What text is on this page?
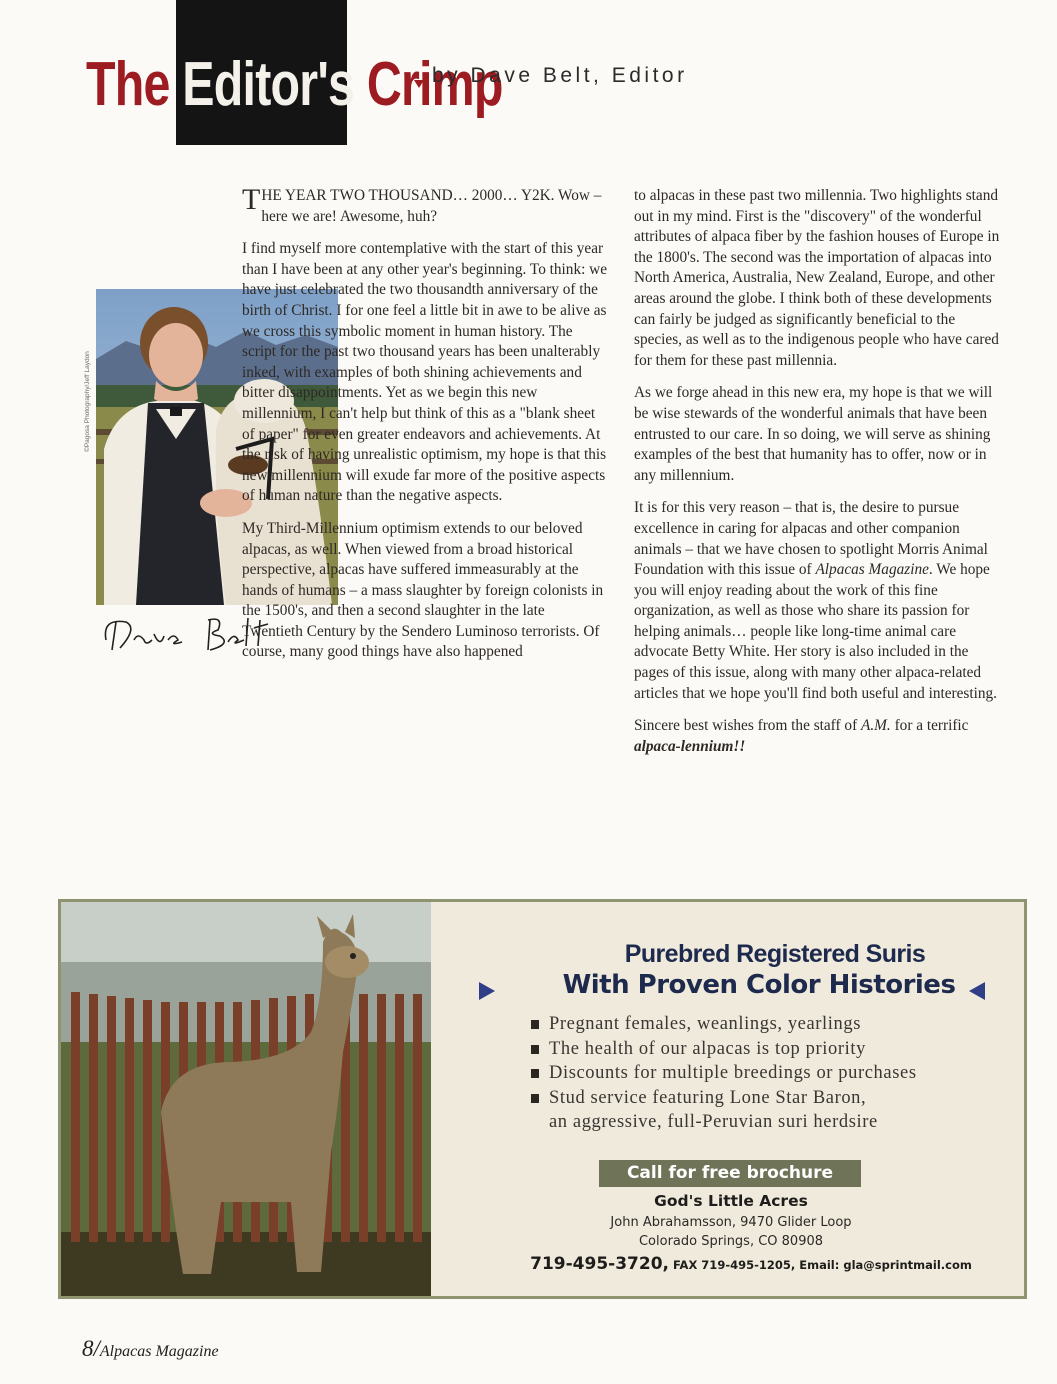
The Editor's Crimp
by Dave Belt, Editor
©Pagosa Photography/Jeff Laydon

THE YEAR TWO THOUSAND… 2000… Y2K. Wow – here we are! Awesome, huh?

I find myself more contemplative with the start of this year than I have been at any other year's beginning. To think: we have just celebrated the two thousandth anniversary of the birth of Christ. I for one feel a little bit in awe to be alive as we cross this symbolic moment in human history. The script for the past two thousand years has been unalterably inked, with examples of both shining achievements and bitter disappointments. Yet as we begin this new millennium, I can't help but think of this as a "blank sheet of paper" for even greater endeavors and achievements. At the risk of having unrealistic optimism, my hope is that this new millennium will exude far more of the positive aspects of human nature than the negative aspects.

My Third-Millennium optimism extends to our beloved alpacas, as well. When viewed from a broad historical perspective, alpacas have suffered immeasurably at the hands of humans – a mass slaughter by foreign colonists in the 1500's, and then a second slaughter in the late Twentieth Century by the Sendero Luminoso terrorists. Of course, many good things have also happened

to alpacas in these past two millennia. Two highlights stand out in my mind. First is the "discovery" of the wonderful attributes of alpaca fiber by the fashion houses of Europe in the 1800's. The second was the importation of alpacas into North America, Australia, New Zealand, Europe, and other areas around the globe. I think both of these developments can fairly be judged as significantly beneficial to the species, as well as to the indigenous people who have cared for them for these past millennia.

As we forge ahead in this new era, my hope is that we will be wise stewards of the wonderful animals that have been entrusted to our care. In so doing, we will serve as shining examples of the best that humanity has to offer, now or in any millennium.

It is for this very reason – that is, the desire to pursue excellence in caring for alpacas and other companion animals – that we have chosen to spotlight Morris Animal Foundation with this issue of Alpacas Magazine. We hope you will enjoy reading about the work of this fine organization, as well as those who share its passion for helping animals… people like long-time animal care advocate Betty White. Her story is also included in the pages of this issue, along with many other alpaca-related articles that we hope you'll find both useful and interesting.

Sincere best wishes from the staff of A.M. for a terrific alpaca-lennium!!

Purebred Registered Suris
With Proven Color Histories
Pregnant females, weanlings, yearlings
The health of our alpacas is top priority
Discounts for multiple breedings or purchases
Stud service featuring Lone Star Baron,
an aggressive, full-Peruvian suri herdsire
Call for free brochure
God's Little Acres
John Abrahamsson, 9470 Glider Loop
Colorado Springs, CO 80908
719-495-3720, FAX 719-495-1205, Email: gla@sprintmail.com
8/Alpacas Magazine
